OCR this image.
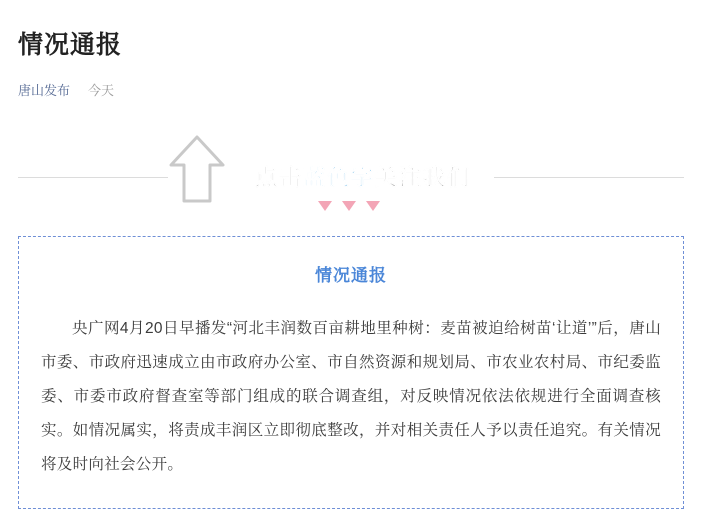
情况通报
唐山发布 今天
点击蓝色字关注我们
情况通报

央广网4月20日早播发“河北丰润数百亩耕地里种树：麦苗被迫给树苗‘让道’”后，唐山市委、市政府迅速成立由市政府办公室、市自然资源和规划局、市农业农村局、市纪委监委、市委市政府督查室等部门组成的联合调查组，对反映情况依法依规进行全面调查核实。如情况属实，将责成丰润区立即彻底整改，并对相关责任人予以责任追究。有关情况将及时向社会公开。
